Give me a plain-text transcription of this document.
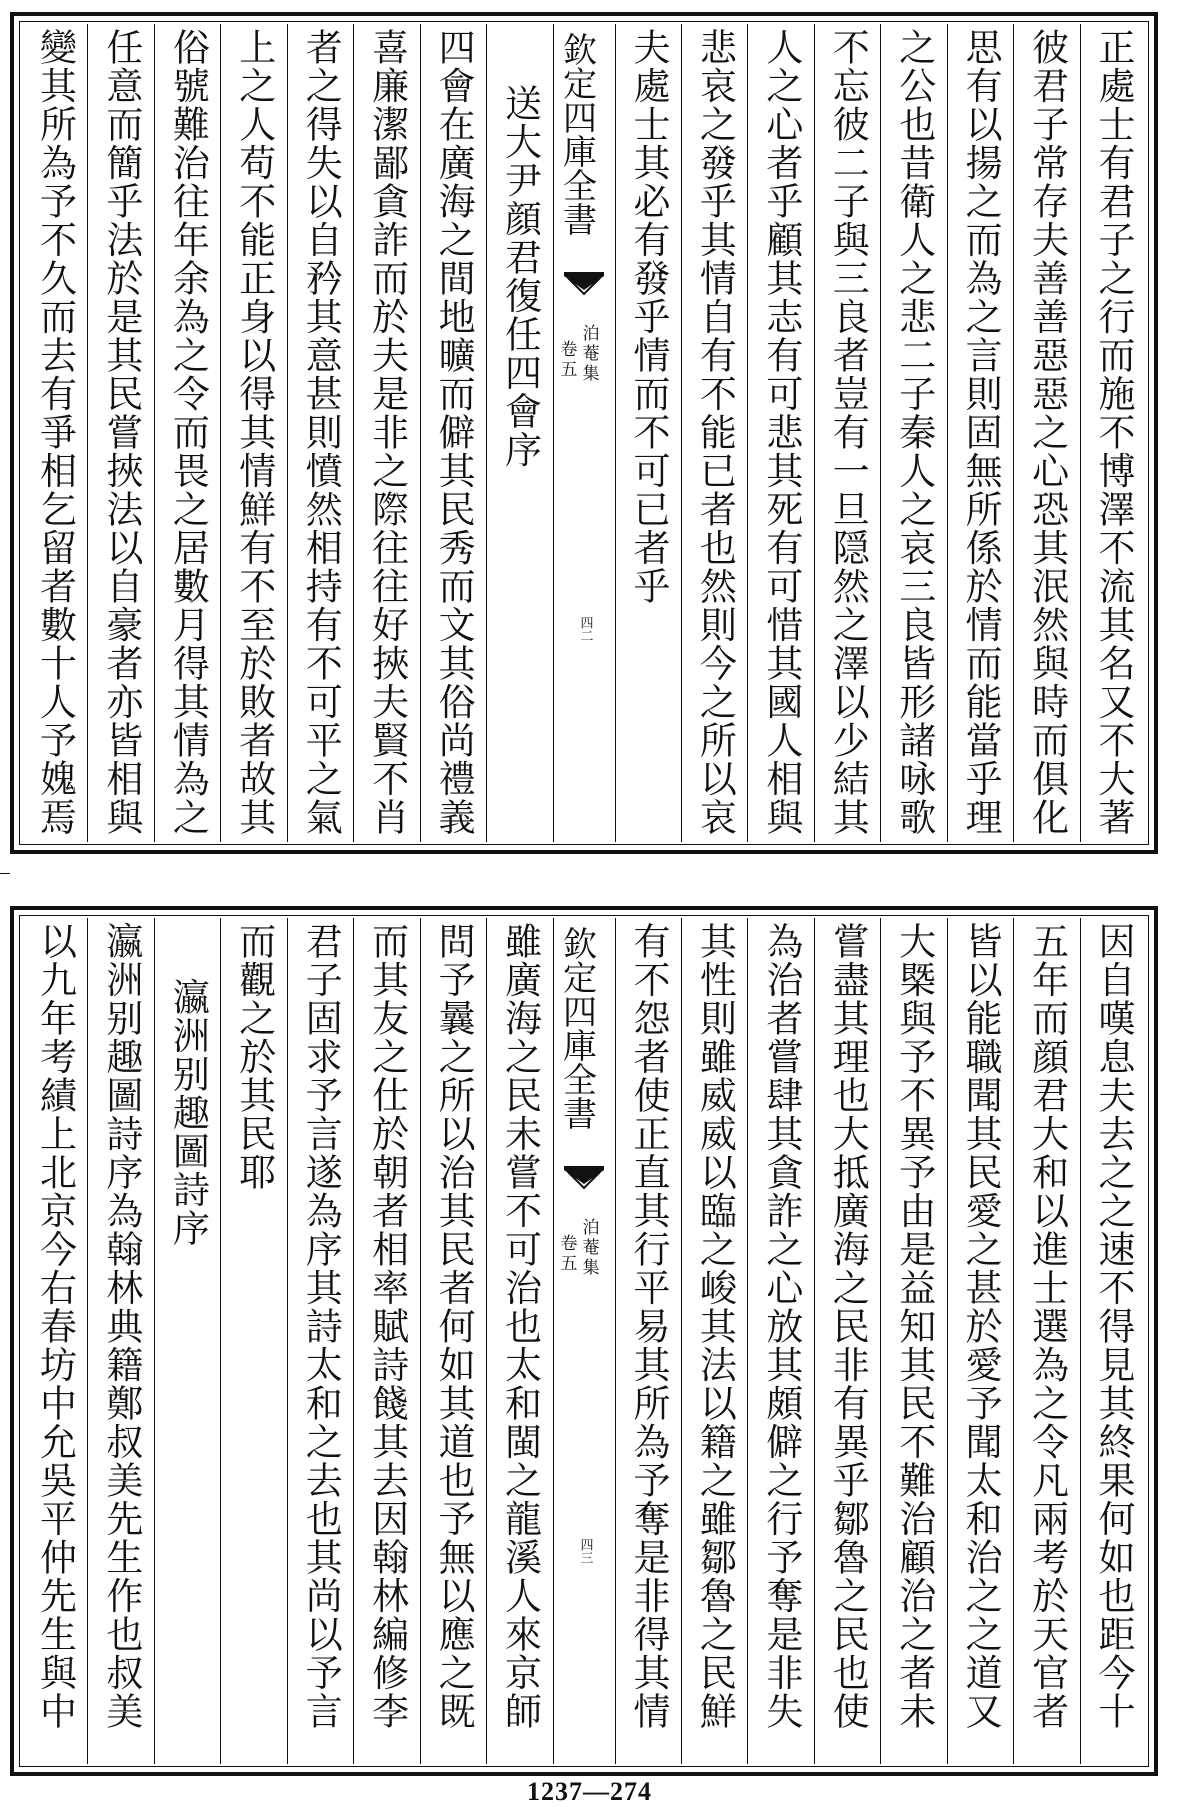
正處士有君子之行而施不博澤不流其名又不大著
彼君子常存夫善善惡惡之心恐其泯然與時而俱化
思有以揚之而為之言則固無所係於情而能當乎理
之公也昔衛人之悲二子秦人之哀三良皆形諸咏歌
不忘彼二子與三良者豈有一旦隠然之澤以少結其
人之心者乎顧其志有可悲其死有可惜其國人相與
悲哀之發乎其情自有不能已者也然則今之所以哀
夫處士其必有發乎情而不可已者乎
欽定四庫全書
泊菴集
卷五
四二
送大尹顔君復任四會序
四會在廣海之間地曠而僻其民秀而文其俗尚禮義
喜廉潔鄙貪詐而於夫是非之際往往好挾夫賢不肖
者之得失以自矜其意甚則憤然相持有不可平之氣
上之人苟不能正身以得其情鮮有不至於敗者故其
俗號難治往年余為之令而畏之居數月得其情為之
任意而簡乎法於是其民嘗挾法以自豪者亦皆相與
變其所為予不久而去有爭相乞留者數十人予媿焉
因自嘆息夫去之之速不得見其終果何如也距今十
五年而顔君大和以進士選為之令凡兩考於天官者
皆以能職聞其民愛之甚於愛予聞太和治之之道又
大槩與予不異予由是益知其民不難治顧治之者未
嘗盡其理也大抵廣海之民非有異乎鄒魯之民也使
為治者嘗肆其貪詐之心放其頗僻之行予奪是非失
其性則雖威威以臨之峻其法以籍之雖鄒魯之民鮮
有不怨者使正直其行平易其所為予奪是非得其情
欽定四庫全書
泊菴集
卷五
四三
雖廣海之民未嘗不可治也太和閩之龍溪人來京師
問予曩之所以治其民者何如其道也予無以應之既
而其友之仕於朝者相率賦詩餞其去因翰林編修李
君子固求予言遂為序其詩太和之去也其尚以予言
而觀之於其民耶
瀛洲别趣圖詩序
瀛洲别趣圖詩序為翰林典籍鄭叔美先生作也叔美
以九年考績上北京今右春坊中允吳平仲先生與中
1237—274
